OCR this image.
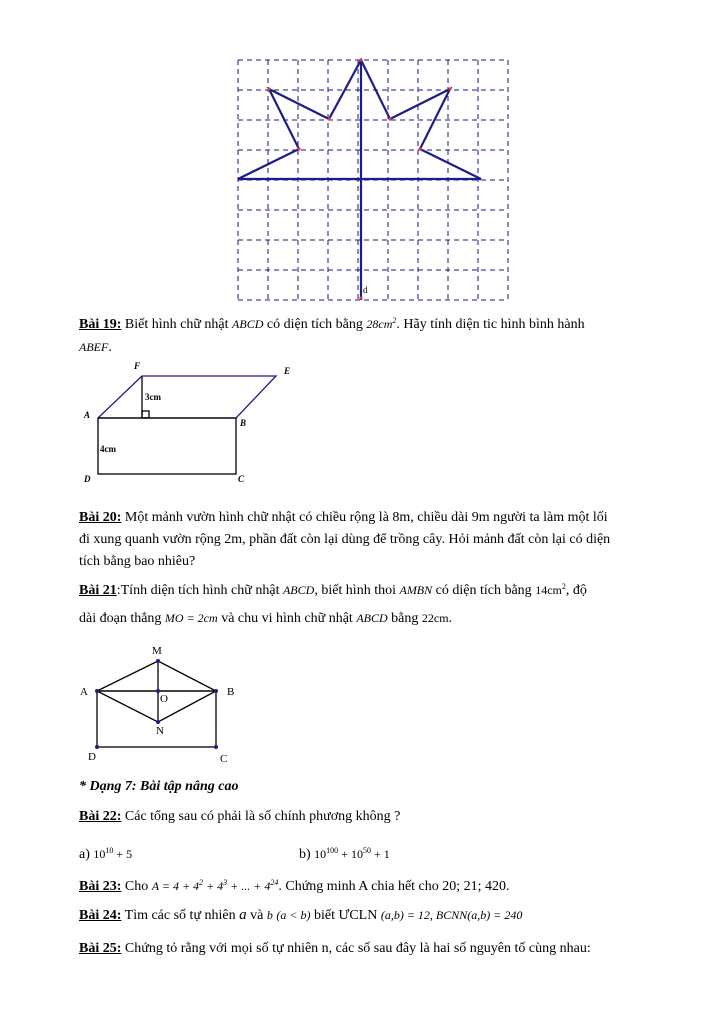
d
Bài 19: Biết hình chữ nhật ABCD có diện tích bằng $28cm^2$. Hãy tính diện tic hình bình hành
ABEF.
F	E
A
B
D	C
3cm
4cm
Bài 20: Một mảnh vườn hình chữ nhật có chiều rộng là 8m, chiều dài 9m người ta làm một lối
đi xung quanh vườn rộng 2m, phần đất còn lại dùng để trồng cây. Hỏi mảnh đất còn lại có diện
tích bằng bao nhiêu?
Bài 21:Tính diện tích hình chữ nhật ABCD, biết hình thoi AMBN có diện tích bằng $14cm^2$, độ
dài đoạn thẳng MO = 2cm và chu vi hình chữ nhật ABCD bằng 22cm.
M
A	B
O
N
D	C
* Dạng 7: Bài tập nâng cao
Bài 22: Các tổng sau có phải là số chính phương không ?
a) $10^{10} + 5$	b) $10^{100} + 10^{50} + 1$
Bài 23: Cho $A = 4 + 4^2 + 4^3$ + ... + $4^{24}$. Chứng minh A chia hết cho 20; 21; 420.
Bài 24: Tìm các số tự nhiên a và b (a < b) biết ƯCLN (a,b) = 12, BCNN(a,b) = 240
Bài 25: Chứng tỏ rằng với mọi số tự nhiên n, các số sau đây là hai số nguyên tố cùng nhau:
